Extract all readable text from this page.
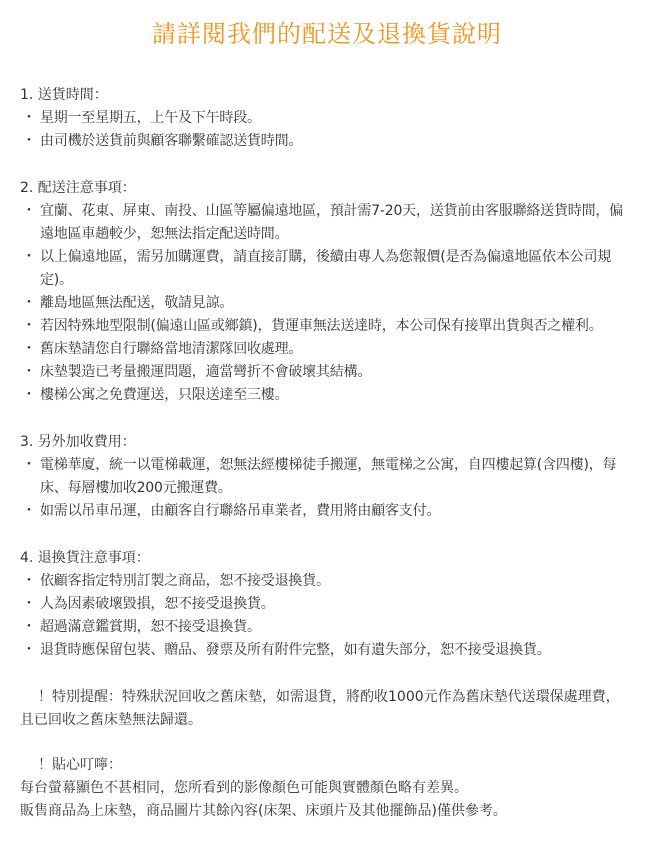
請詳閱我們的配送及退換貨說明

1. 送貨時間：

・ 星期一至星期五，上午及下午時段。
・ 由司機於送貨前與顧客聯繫確認送貨時間。

2. 配送注意事項：

・ 宜蘭、花東、屏東、南投、山區等屬偏遠地區，預計需7-20天，送貨前由客服聯絡送貨時間，偏遠地區車趟較少，恕無法指定配送時間。
・ 以上偏遠地區，需另加購運費，請直接訂購，後續由專人為您報價(是否為偏遠地區依本公司規定)。
・ 離島地區無法配送，敬請見諒。
・ 若因特殊地型限制(偏遠山區或鄉鎮)，貨運車無法送達時，本公司保有接單出貨與否之權利。
・ 舊床墊請您自行聯絡當地清潔隊回收處理。
・ 床墊製造已考量搬運問題，適當彎折不會破壞其結構。
・ 樓梯公寓之免費運送，只限送達至三樓。

3. 另外加收費用：

・ 電梯華廈，統一以電梯載運，恕無法經樓梯徒手搬運，無電梯之公寓，自四樓起算(含四樓)，每床、每層樓加收200元搬運費。
・ 如需以吊車吊運，由顧客自行聯絡吊車業者，費用將由顧客支付。

4. 退換貨注意事項：

・ 依顧客指定特別訂製之商品，恕不接受退換貨。
・ 人為因素破壞毀損，恕不接受退換貨。
・ 超過滿意鑑賞期，恕不接受退換貨。
・ 退貨時應保留包裝、贈品、發票及所有附件完整，如有遺失部分，恕不接受退換貨。

！特別提醒：特殊狀況回收之舊床墊，如需退貨，將酌收1000元作為舊床墊代送環保處理費，且已回收之舊床墊無法歸還。

！貼心叮嚀：

每台螢幕顯色不甚相同，您所看到的影像顏色可能與實體顏色略有差異。

販售商品為上床墊，商品圖片其餘內容(床架、床頭片及其他擺飾品)僅供參考。
